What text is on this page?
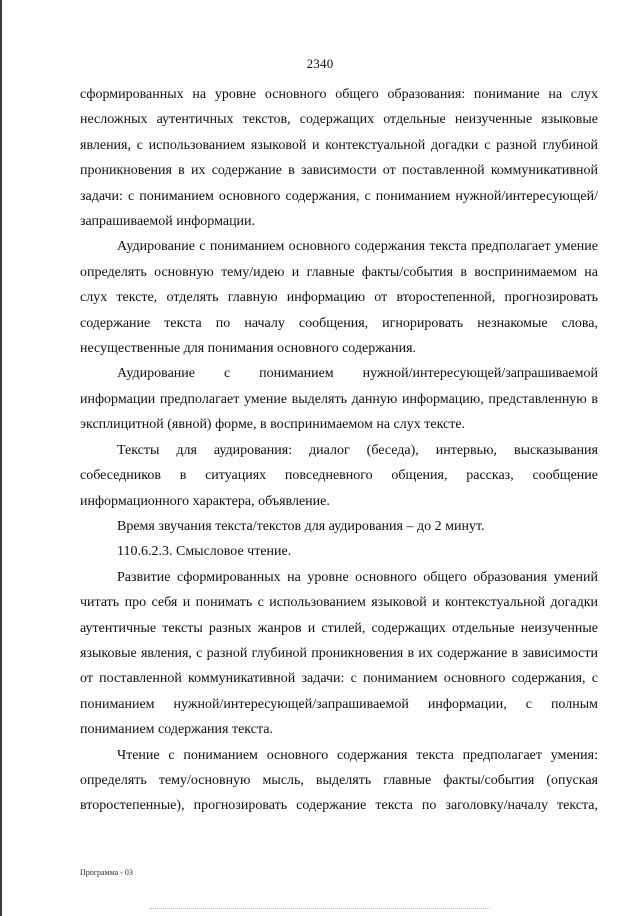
2340

сформированных на уровне основного общего образования: понимание на слух несложных аутентичных текстов, содержащих отдельные неизученные языковые явления, с использованием языковой и контекстуальной догадки с разной глубиной проникновения в их содержание в зависимости от поставленной коммуникативной задачи: с пониманием основного содержания, с пониманием нужной/интересующей/запрашиваемой информации.

Аудирование с пониманием основного содержания текста предполагает умение определять основную тему/идею и главные факты/события в воспринимаемом на слух тексте, отделять главную информацию от второстепенной, прогнозировать содержание текста по началу сообщения, игнорировать незнакомые слова, несущественные для понимания основного содержания.

Аудирование с пониманием нужной/интересующей/запрашиваемой информации предполагает умение выделять данную информацию, представленную в эксплицитной (явной) форме, в воспринимаемом на слух тексте.

Тексты для аудирования: диалог (беседа), интервью, высказывания собеседников в ситуациях повседневного общения, рассказ, сообщение информационного характера, объявление.

Время звучания текста/текстов для аудирования – до 2 минут.

110.6.2.3. Смысловое чтение.

Развитие сформированных на уровне основного общего образования умений читать про себя и понимать с использованием языковой и контекстуальной догадки аутентичные тексты разных жанров и стилей, содержащих отдельные неизученные языковые явления, с разной глубиной проникновения в их содержание в зависимости от поставленной коммуникативной задачи: с пониманием основного содержания, с пониманием нужной/интересующей/запрашиваемой информации, с полным пониманием содержания текста.

Чтение с пониманием основного содержания текста предполагает умения: определять тему/основную мысль, выделять главные факты/события (опуская второстепенные), прогнозировать содержание текста по заголовку/началу текста,

Программа - 03
